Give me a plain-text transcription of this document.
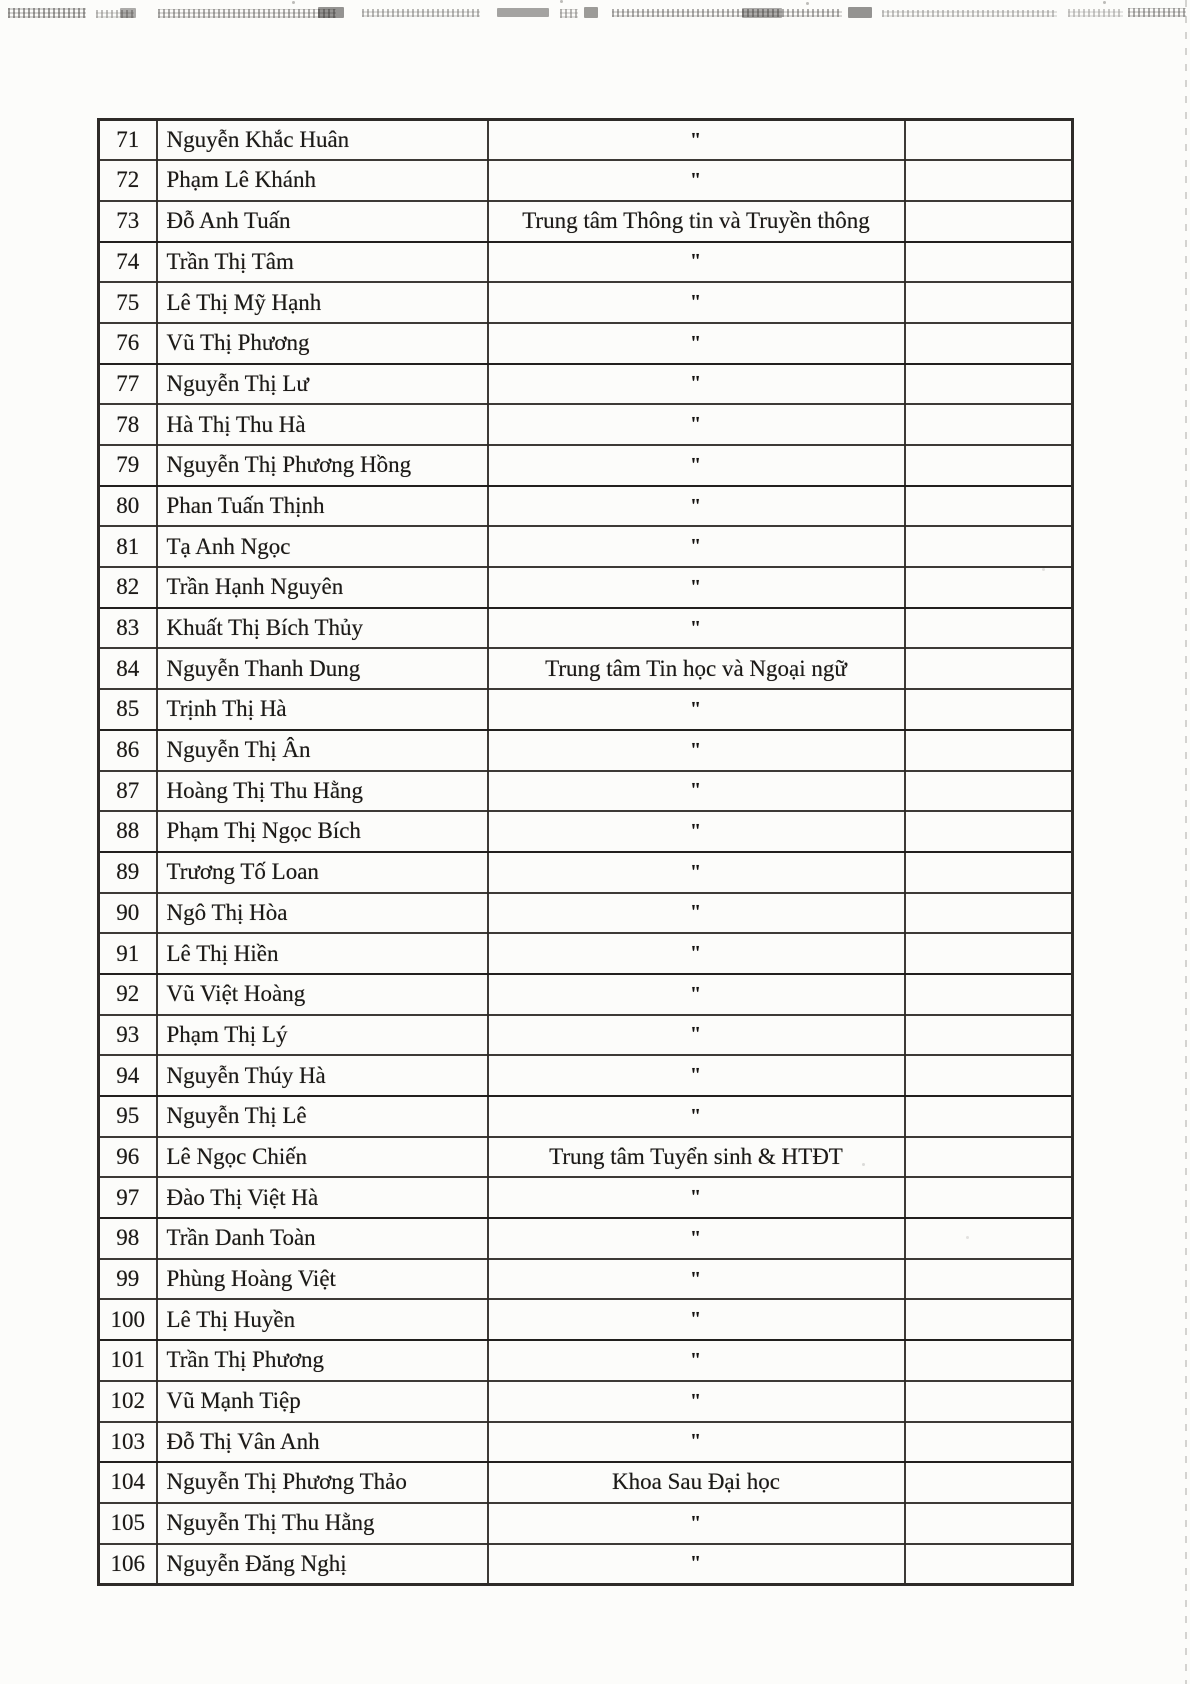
71	Nguyễn Khắc Huân	"	
72	Phạm Lê Khánh	"	
73	Đỗ Anh Tuấn	Trung tâm Thông tin và Truyền thông	
74	Trần Thị Tâm	"	
75	Lê Thị Mỹ Hạnh	"	
76	Vũ Thị Phương	"	
77	Nguyễn Thị Lư	"	
78	Hà Thị Thu Hà	"	
79	Nguyễn Thị Phương Hồng	"	
80	Phan Tuấn Thịnh	"	
81	Tạ Anh Ngọc	"	
82	Trần Hạnh Nguyên	"	
83	Khuất Thị Bích Thủy	"	
84	Nguyễn Thanh Dung	Trung tâm Tin học và Ngoại ngữ	
85	Trịnh Thị Hà	"	
86	Nguyễn Thị Ân	"	
87	Hoàng Thị Thu Hằng	"	
88	Phạm Thị Ngọc Bích	"	
89	Trương Tố Loan	"	
90	Ngô Thị Hòa	"	
91	Lê Thị Hiền	"	
92	Vũ Việt Hoàng	"	
93	Phạm Thị Lý	"	
94	Nguyễn Thúy Hà	"	
95	Nguyễn Thị Lê	"	
96	Lê Ngọc Chiến	Trung tâm Tuyển sinh & HTĐT	
97	Đào Thị Việt Hà	"	
98	Trần Danh Toàn	"	
99	Phùng Hoàng Việt	"	
100	Lê Thị Huyền	"	
101	Trần Thị Phương	"	
102	Vũ Mạnh Tiệp	"	
103	Đỗ Thị Vân Anh	"	
104	Nguyễn Thị Phương Thảo	Khoa Sau Đại học	
105	Nguyễn Thị Thu Hằng	"	
106	Nguyễn Đăng Nghị	"	
